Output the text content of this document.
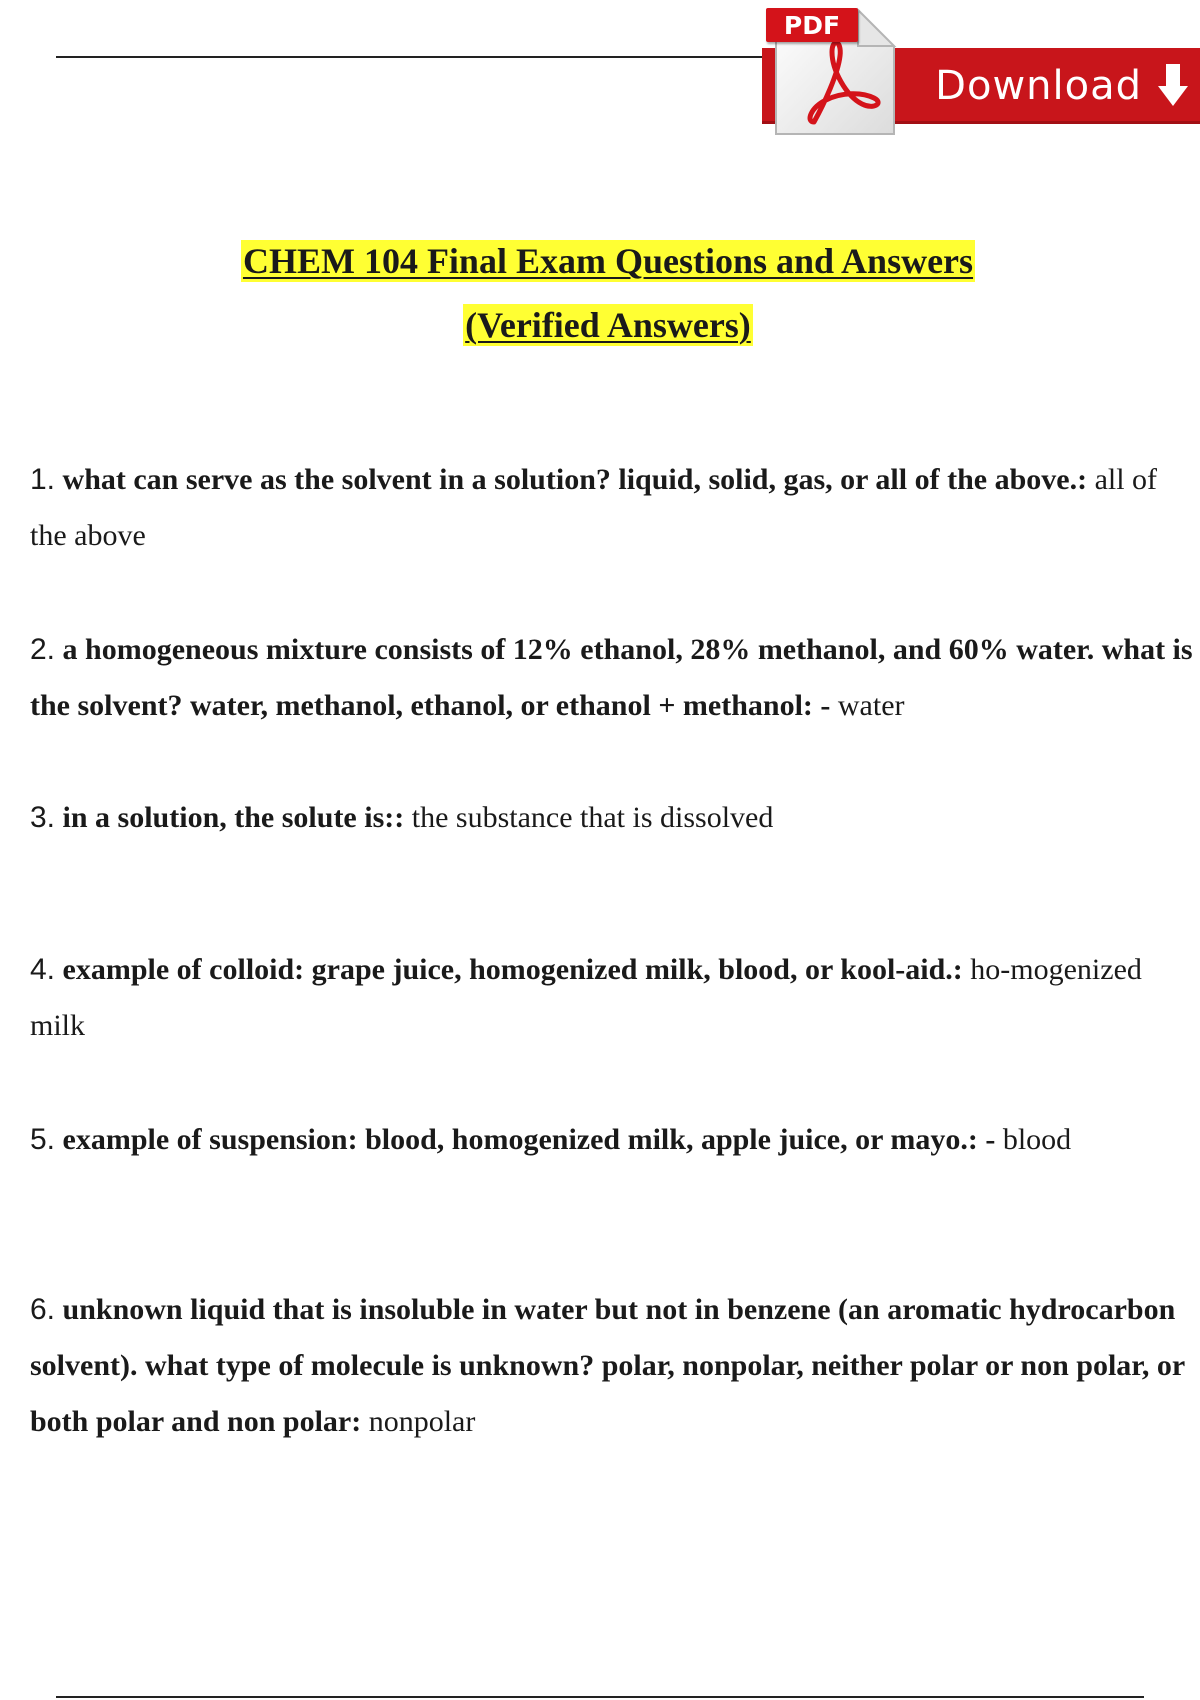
Download
PDF
CHEM 104 Final Exam Questions and Answers
(Verified Answers)
1. what can serve as the solvent in a solution? liquid, solid, gas, or all of the above.: all of the above
2. a homogeneous mixture consists of 12% ethanol, 28% methanol, and 60% water. what is the solvent? water, methanol, ethanol, or ethanol + methanol: - water
3. in a solution, the solute is:: the substance that is dissolved
4. example of colloid: grape juice, homogenized milk, blood, or kool-aid.: ho-mogenized milk
5. example of suspension: blood, homogenized milk, apple juice, or mayo.: - blood
6. unknown liquid that is insoluble in water but not in benzene (an aromatic hydrocarbon solvent). what type of molecule is unknown? polar, nonpolar, neither polar or non polar, or both polar and non polar: nonpolar
